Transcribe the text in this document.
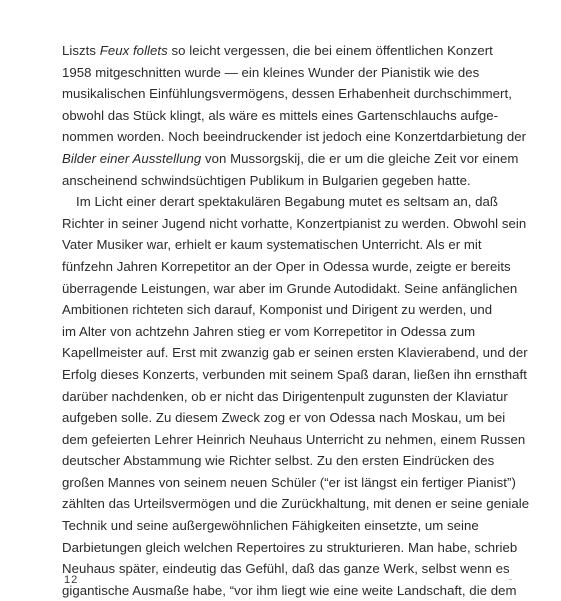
Liszts Feux follets so leicht vergessen, die bei einem öffentlichen Konzert
1958 mitgeschnitten wurde — ein kleines Wunder der Pianistik wie des
musikalischen Einfühlungsvermögens, dessen Erhabenheit durchschimmert,
obwohl das Stück klingt, als wäre es mittels eines Gartenschlauchs aufge-
nommen worden. Noch beeindruckender ist jedoch eine Konzertdarbietung der
Bilder einer Ausstellung von Mussorgskij, die er um die gleiche Zeit vor einem
anscheinend schwindsüchtigen Publikum in Bulgarien gegeben hatte.
Im Licht einer derart spektakulären Begabung mutet es seltsam an, daß
Richter in seiner Jugend nicht vorhatte, Konzertpianist zu werden. Obwohl sein
Vater Musiker war, erhielt er kaum systematischen Unterricht. Als er mit
fünfzehn Jahren Korrepetitor an der Oper in Odessa wurde, zeigte er bereits
überragende Leistungen, war aber im Grunde Autodidakt. Seine anfänglichen
Ambitionen richteten sich darauf, Komponist und Dirigent zu werden, und
im Alter von achtzehn Jahren stieg er vom Korrepetitor in Odessa zum
Kapellmeister auf. Erst mit zwanzig gab er seinen ersten Klavierabend, und der
Erfolg dieses Konzerts, verbunden mit seinem Spaß daran, ließen ihn ernsthaft
darüber nachdenken, ob er nicht das Dirigentenpult zugunsten der Klaviatur
aufgeben solle. Zu diesem Zweck zog er von Odessa nach Moskau, um bei
dem gefeierten Lehrer Heinrich Neuhaus Unterricht zu nehmen, einem Russen
deutscher Abstammung wie Richter selbst. Zu den ersten Eindrücken des
großen Mannes von seinem neuen Schüler (“er ist längst ein fertiger Pianist”)
zählten das Urteilsvermögen und die Zurückhaltung, mit denen er seine geniale
Technik und seine außergewöhnlichen Fähigkeiten einsetzte, um seine
Darbietungen gleich welchen Repertoires zu strukturieren. Man habe, schrieb
Neuhaus später, eindeutig das Gefühl, daß das ganze Werk, selbst wenn es
gigantische Ausmaße habe, “vor ihm liegt wie eine weite Landschaft, die dem
12
